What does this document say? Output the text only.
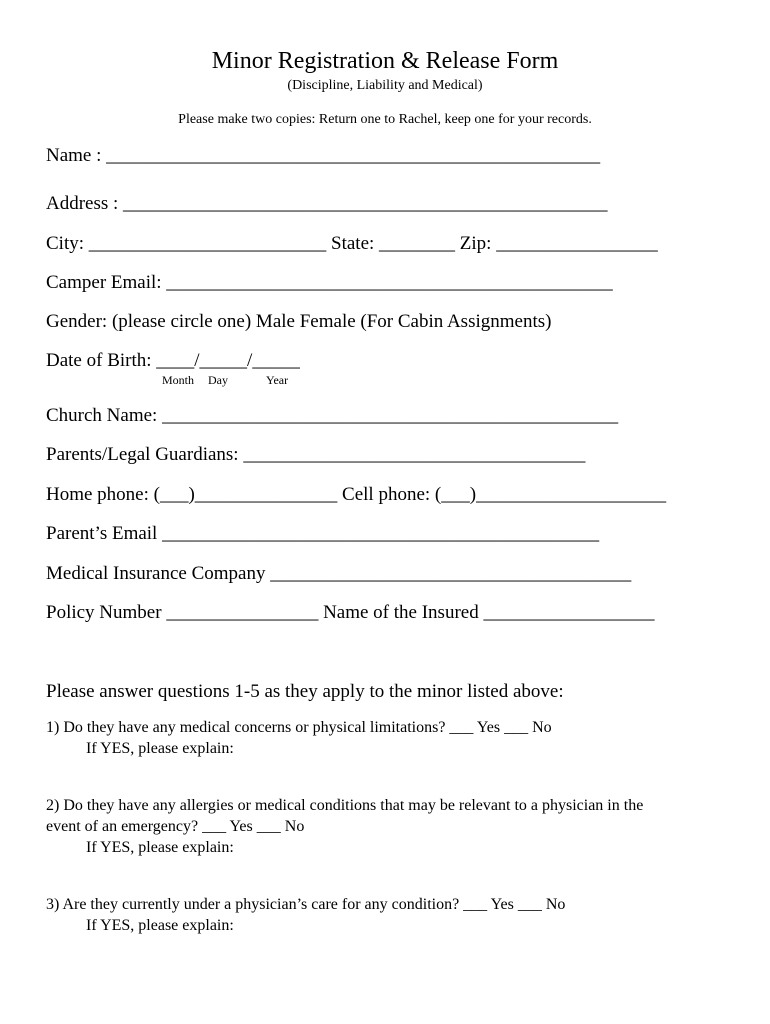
Minor Registration & Release Form
(Discipline, Liability and Medical)
Please make two copies: Return one to Rachel, keep one for your records.
Name : ____________________________________________________
Address : ___________________________________________________
City: _________________________ State: ________ Zip: _________________
Camper Email: _______________________________________________
Gender: (please circle one) Male Female (For Cabin Assignments)
Date of Birth: ____/_____/_____
Month Day	Year
Church Name: ________________________________________________
Parents/Legal Guardians: ____________________________________
Home phone: (___)_______________ Cell phone: (___)____________________
Parent’s Email ______________________________________________
Medical Insurance Company ______________________________________
Policy Number ________________ Name of the Insured __________________
Please answer questions 1-5 as they apply to the minor listed above:
1) Do they have any medical concerns or physical limitations? ___ Yes ___ No
If YES, please explain:
2) Do they have any allergies or medical conditions that may be relevant to a physician in the
event of an emergency? ___ Yes ___ No
If YES, please explain:
3) Are they currently under a physician’s care for any condition? ___ Yes ___ No
If YES, please explain:
